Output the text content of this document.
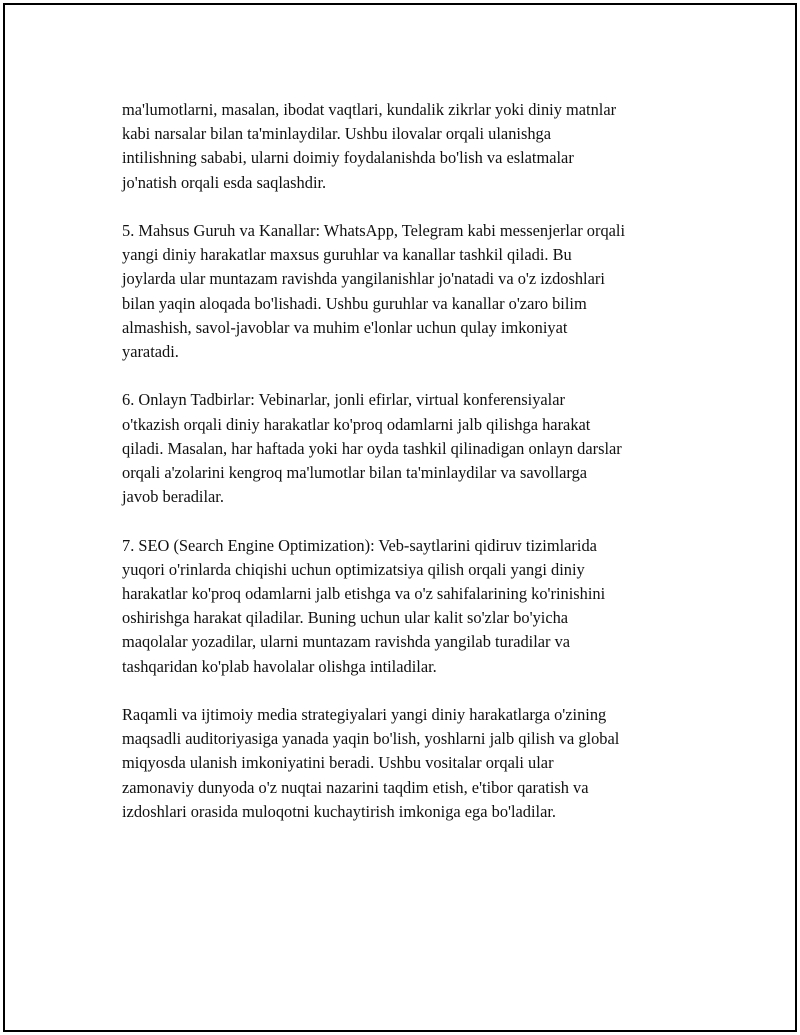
ma'lumotlarni, masalan, ibodat vaqtlari, kundalik zikrlar yoki diniy matnlar
kabi narsalar bilan ta'minlaydilar. Ushbu ilovalar orqali ulanishga
intilishning sababi, ularni doimiy foydalanishda bo'lish va eslatmalar
jo'natish orqali esda saqlashdir.

5. Mahsus Guruh va Kanallar: WhatsApp, Telegram kabi messenjerlar orqali
yangi diniy harakatlar maxsus guruhlar va kanallar tashkil qiladi. Bu
joylarda ular muntazam ravishda yangilanishlar jo'natadi va o'z izdoshlari
bilan yaqin aloqada bo'lishadi. Ushbu guruhlar va kanallar o'zaro bilim
almashish, savol-javoblar va muhim e'lonlar uchun qulay imkoniyat
yaratadi.

6. Onlayn Tadbirlar: Vebinarlar, jonli efirlar, virtual konferensiyalar
o'tkazish orqali diniy harakatlar ko'proq odamlarni jalb qilishga harakat
qiladi. Masalan, har haftada yoki har oyda tashkil qilinadigan onlayn darslar
orqali a'zolarini kengroq ma'lumotlar bilan ta'minlaydilar va savollarga
javob beradilar.

7. SEO (Search Engine Optimization): Veb-saytlarini qidiruv tizimlarida
yuqori o'rinlarda chiqishi uchun optimizatsiya qilish orqali yangi diniy
harakatlar ko'proq odamlarni jalb etishga va o'z sahifalarining ko'rinishini
oshirishga harakat qiladilar. Buning uchun ular kalit so'zlar bo'yicha
maqolalar yozadilar, ularni muntazam ravishda yangilab turadilar va
tashqaridan ko'plab havolalar olishga intiladilar.

Raqamli va ijtimoiy media strategiyalari yangi diniy harakatlarga o'zining
maqsadli auditoriyasiga yanada yaqin bo'lish, yoshlarni jalb qilish va global
miqyosda ulanish imkoniyatini beradi. Ushbu vositalar orqali ular
zamonaviy dunyoda o'z nuqtai nazarini taqdim etish, e'tibor qaratish va
izdoshlari orasida muloqotni kuchaytirish imkoniga ega bo'ladilar.
